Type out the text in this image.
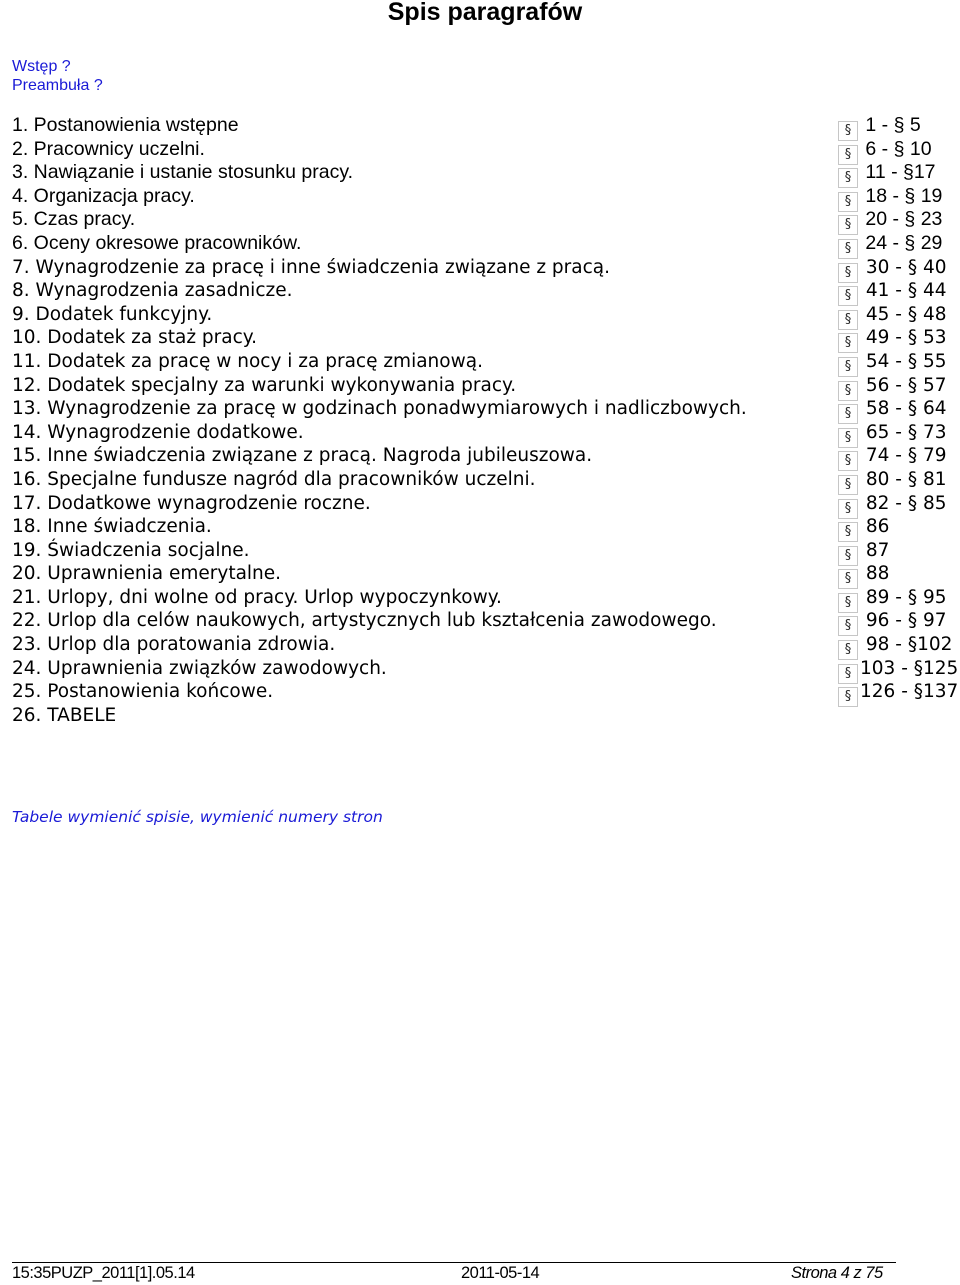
Spis paragrafów
Wstęp ?
Preambuła ?
1. Postanowienia wstępne	§ 1 - § 5
2. Pracownicy uczelni.	§ 6 - § 10
3. Nawiązanie i ustanie stosunku pracy.	§ 11 - §17
4. Organizacja pracy.	§ 18 - § 19
5. Czas pracy.	§ 20 - § 23
6. Oceny okresowe pracowników.	§ 24 - § 29
7. Wynagrodzenie za pracę i inne świadczenia związane z pracą.	§ 30 - § 40
8. Wynagrodzenia zasadnicze.	§ 41 - § 44
9. Dodatek funkcyjny.	§ 45 - § 48
10. Dodatek za staż pracy.	§ 49 - § 53
11. Dodatek za pracę w nocy i za pracę zmianową.	§ 54 - § 55
12. Dodatek specjalny za warunki wykonywania pracy.	§ 56 - § 57
13. Wynagrodzenie za pracę w godzinach ponadwymiarowych i nadliczbowych.	§ 58 - § 64
14. Wynagrodzenie dodatkowe.	§ 65 - § 73
15. Inne świadczenia związane z pracą. Nagroda jubileuszowa.	§ 74 - § 79
16. Specjalne fundusze nagród dla pracowników uczelni.	§ 80 - § 81
17. Dodatkowe wynagrodzenie roczne.	§ 82 - § 85
18. Inne świadczenia.	§ 86
19. Świadczenia socjalne.	§ 87
20. Uprawnienia emerytalne.	§ 88
21. Urlopy, dni wolne od pracy. Urlop wypoczynkowy.	§ 89 - § 95
22. Urlop dla celów naukowych, artystycznych lub kształcenia zawodowego.	§ 96 - § 97
23. Urlop dla poratowania zdrowia.	§ 98 - §102
24. Uprawnienia związków zawodowych.	§ 103 - §125
25. Postanowienia końcowe.	§ 126 - §137
26. TABELE
Tabele wymienić spisie, wymienić numery stron
15:35PUZP_2011[1].05.14	2011-05-14	Strona 4 z 75
